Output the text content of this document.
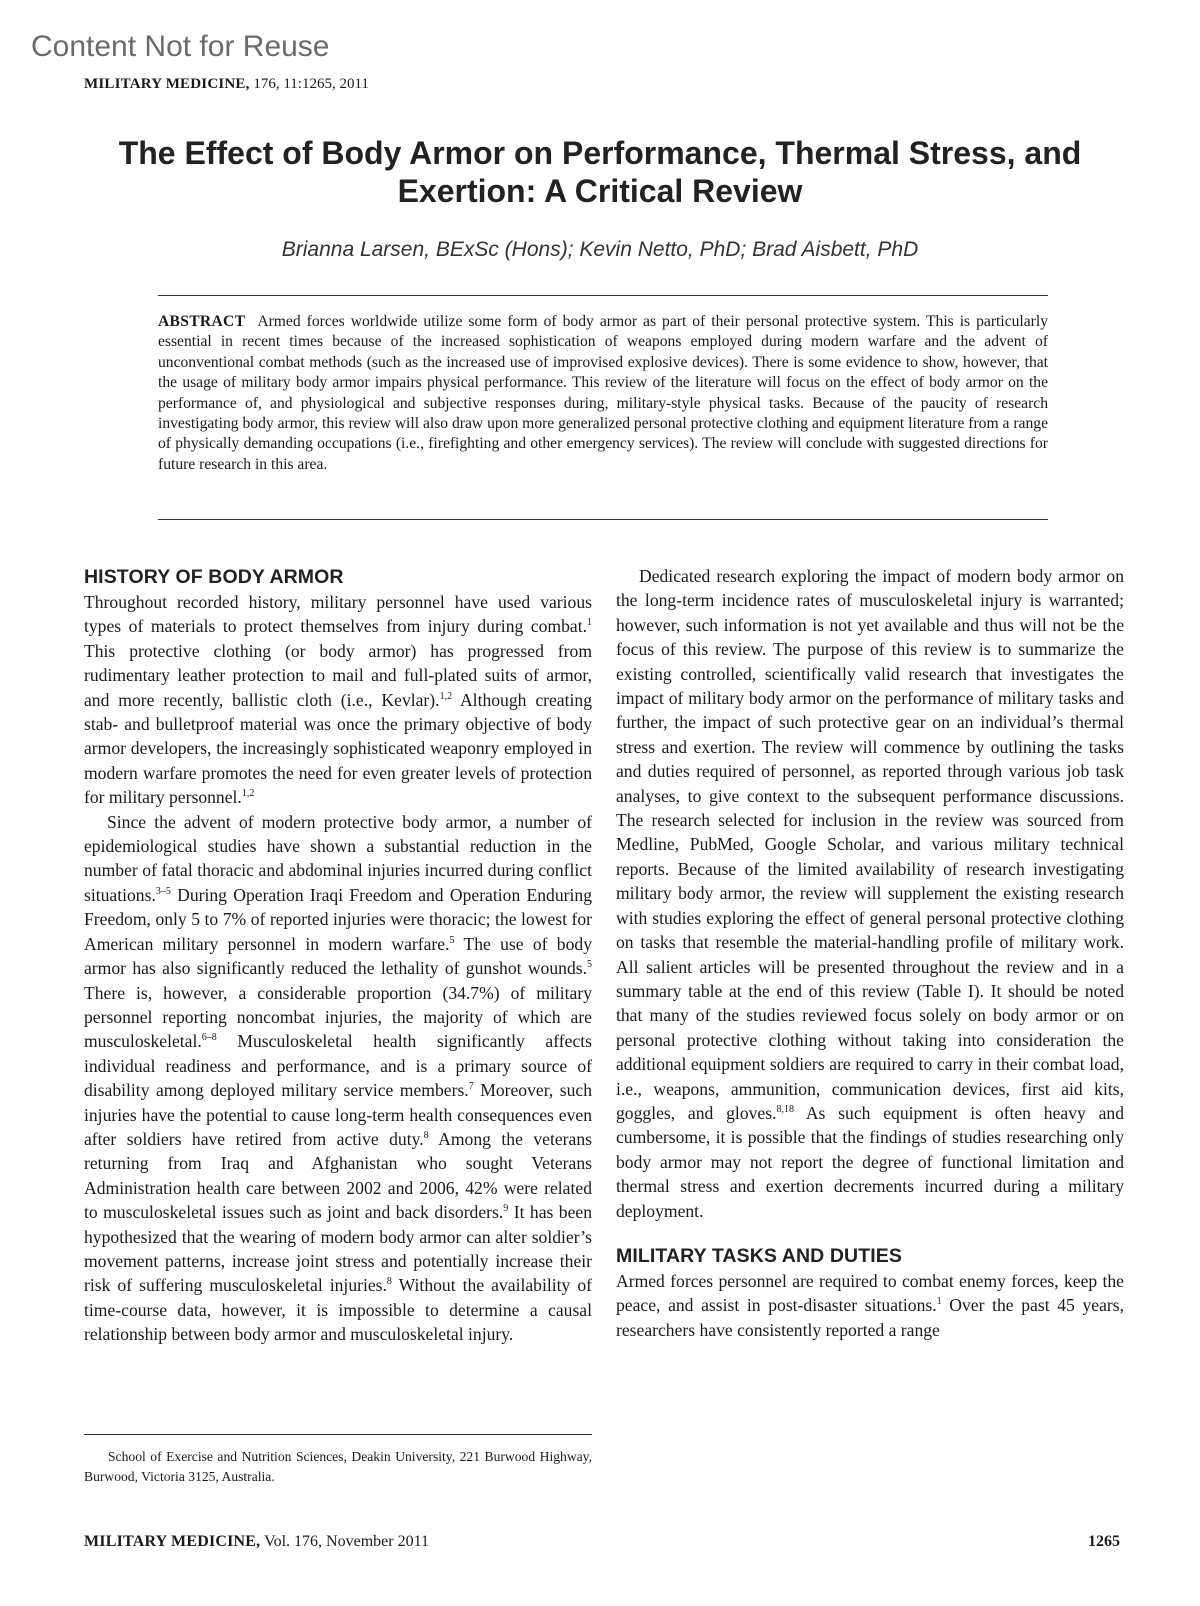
Content Not for Reuse
MILITARY MEDICINE, 176, 11:1265, 2011
The Effect of Body Armor on Performance, Thermal Stress, and Exertion: A Critical Review
Brianna Larsen, BExSc (Hons); Kevin Netto, PhD; Brad Aisbett, PhD
ABSTRACT Armed forces worldwide utilize some form of body armor as part of their personal protective system. This is particularly essential in recent times because of the increased sophistication of weapons employed during modern warfare and the advent of unconventional combat methods (such as the increased use of improvised explosive devices). There is some evidence to show, however, that the usage of military body armor impairs physical performance. This review of the literature will focus on the effect of body armor on the performance of, and physiological and subjective responses during, military-style physical tasks. Because of the paucity of research investigating body armor, this review will also draw upon more generalized personal protective clothing and equipment literature from a range of physically demanding occupations (i.e., firefighting and other emergency services). The review will conclude with suggested directions for future research in this area.
HISTORY OF BODY ARMOR

Throughout recorded history, military personnel have used various types of materials to protect themselves from injury during combat.$^1$ This protective clothing (or body armor) has progressed from rudimentary leather protection to mail and full-plated suits of armor, and more recently, ballistic cloth (i.e., Kevlar).$^{1,2}$ Although creating stab- and bulletproof material was once the primary objective of body armor developers, the increasingly sophisticated weaponry employed in modern warfare promotes the need for even greater levels of protection for military personnel.$^{1,2}$

Since the advent of modern protective body armor, a number of epidemiological studies have shown a substantial reduction in the number of fatal thoracic and abdominal injuries incurred during conflict situations.$^{3-5}$ During Operation Iraqi Freedom and Operation Enduring Freedom, only 5 to 7% of reported injuries were thoracic; the lowest for American military personnel in modern warfare.$^5$ The use of body armor has also significantly reduced the lethality of gunshot wounds.$^5$ There is, however, a considerable proportion (34.7%) of military personnel reporting noncombat injuries, the majority of which are musculoskeletal.$^{6-8}$ Musculoskeletal health significantly affects individual readiness and performance, and is a primary source of disability among deployed military service members.$^7$ Moreover, such injuries have the potential to cause long-term health consequences even after soldiers have retired from active duty.$^8$ Among the veterans returning from Iraq and Afghanistan who sought Veterans Administration health care between 2002 and 2006, 42% were related to musculoskeletal issues such as joint and back disorders.$^9$ It has been hypothesized that the wearing of modern body armor can alter soldier’s movement patterns, increase joint stress and potentially increase their risk of suffering musculoskeletal injuries.$^8$ Without the availability of time-course data, however, it is impossible to determine a causal relationship between body armor and musculoskeletal injury.

Dedicated research exploring the impact of modern body armor on the long-term incidence rates of musculoskeletal injury is warranted; however, such information is not yet available and thus will not be the focus of this review. The purpose of this review is to summarize the existing controlled, scientifically valid research that investigates the impact of military body armor on the performance of military tasks and further, the impact of such protective gear on an individual’s thermal stress and exertion. The review will commence by outlining the tasks and duties required of personnel, as reported through various job task analyses, to give context to the subsequent performance discussions. The research selected for inclusion in the review was sourced from Medline, PubMed, Google Scholar, and various military technical reports. Because of the limited availability of research investigating military body armor, the review will supplement the existing research with studies exploring the effect of general personal protective clothing on tasks that resemble the material-handling profile of military work. All salient articles will be presented throughout the review and in a summary table at the end of this review (Table I). It should be noted that many of the studies reviewed focus solely on body armor or on personal protective clothing without taking into consideration the additional equipment soldiers are required to carry in their combat load, i.e., weapons, ammunition, communication devices, first aid kits, goggles, and gloves.$^{8,18}$ As such equipment is often heavy and cumbersome, it is possible that the findings of studies researching only body armor may not report the degree of functional limitation and thermal stress and exertion decrements incurred during a military deployment.

MILITARY TASKS AND DUTIES

Armed forces personnel are required to combat enemy forces, keep the peace, and assist in post-disaster situations.$^1$ Over the past 45 years, researchers have consistently reported a range

School of Exercise and Nutrition Sciences, Deakin University, 221 Burwood Highway, Burwood, Victoria 3125, Australia.
MILITARY MEDICINE, Vol. 176, November 2011	1265
